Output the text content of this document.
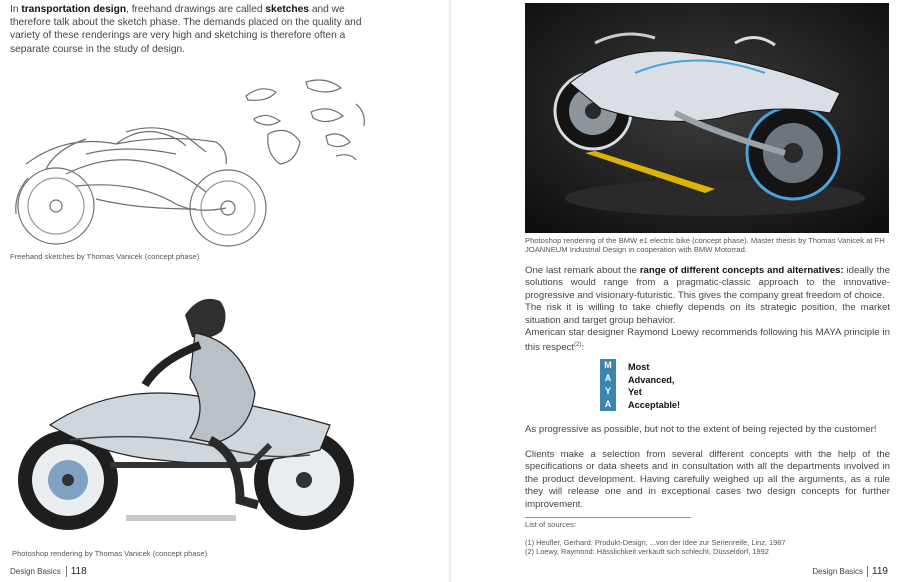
In transportation design, freehand drawings are called sketches and we therefore talk about the sketch phase. The demands placed on the quality and variety of these renderings are very high and sketching is therefore often a separate course in the study of design.

Freehand sketches by Thomas Vanicek (concept phase)
Photoshop rendering by Thomas Vanicek (concept phase)
Design Basics	118
Photoshop rendering of the BMW e1 electric bike (concept phase). Master thesis by Thomas Vanicek at FH JOANNEUM Industrial Design in cooperation with BMW Motorrad.

One last remark about the range of different concepts and alternatives: ideally the solutions would range from a pragmatic-classic approach to the innovative-progressive and visionary-futuristic. This gives the company great freedom of choice.

The risk it is willing to take chiefly depends on its strategic position, the market situation and target group behavior.

American star designer Raymond Loewy recommends following his MAYA principle in this respect$^{(2)}$:

M
A
Y
A
Most
Advanced,
Yet
Acceptable!

As progressive as possible, but not to the extent of being rejected by the customer!

Clients make a selection from several different concepts with the help of the specifications or data sheets and in consultation with all the departments involved in the product development. Having carefully weighed up all the arguments, as a rule they will release one and in exceptional cases two design concepts for further improvement.

List of sources:
(1) Heufler, Gerhard: Produkt-Design, ...von der Idee zur Serienreife, Linz, 1987
(2) Loewy, Raymond: Hässlichkeit verkauft sich schlecht, Düsseldorf, 1992
Design Basics 119
